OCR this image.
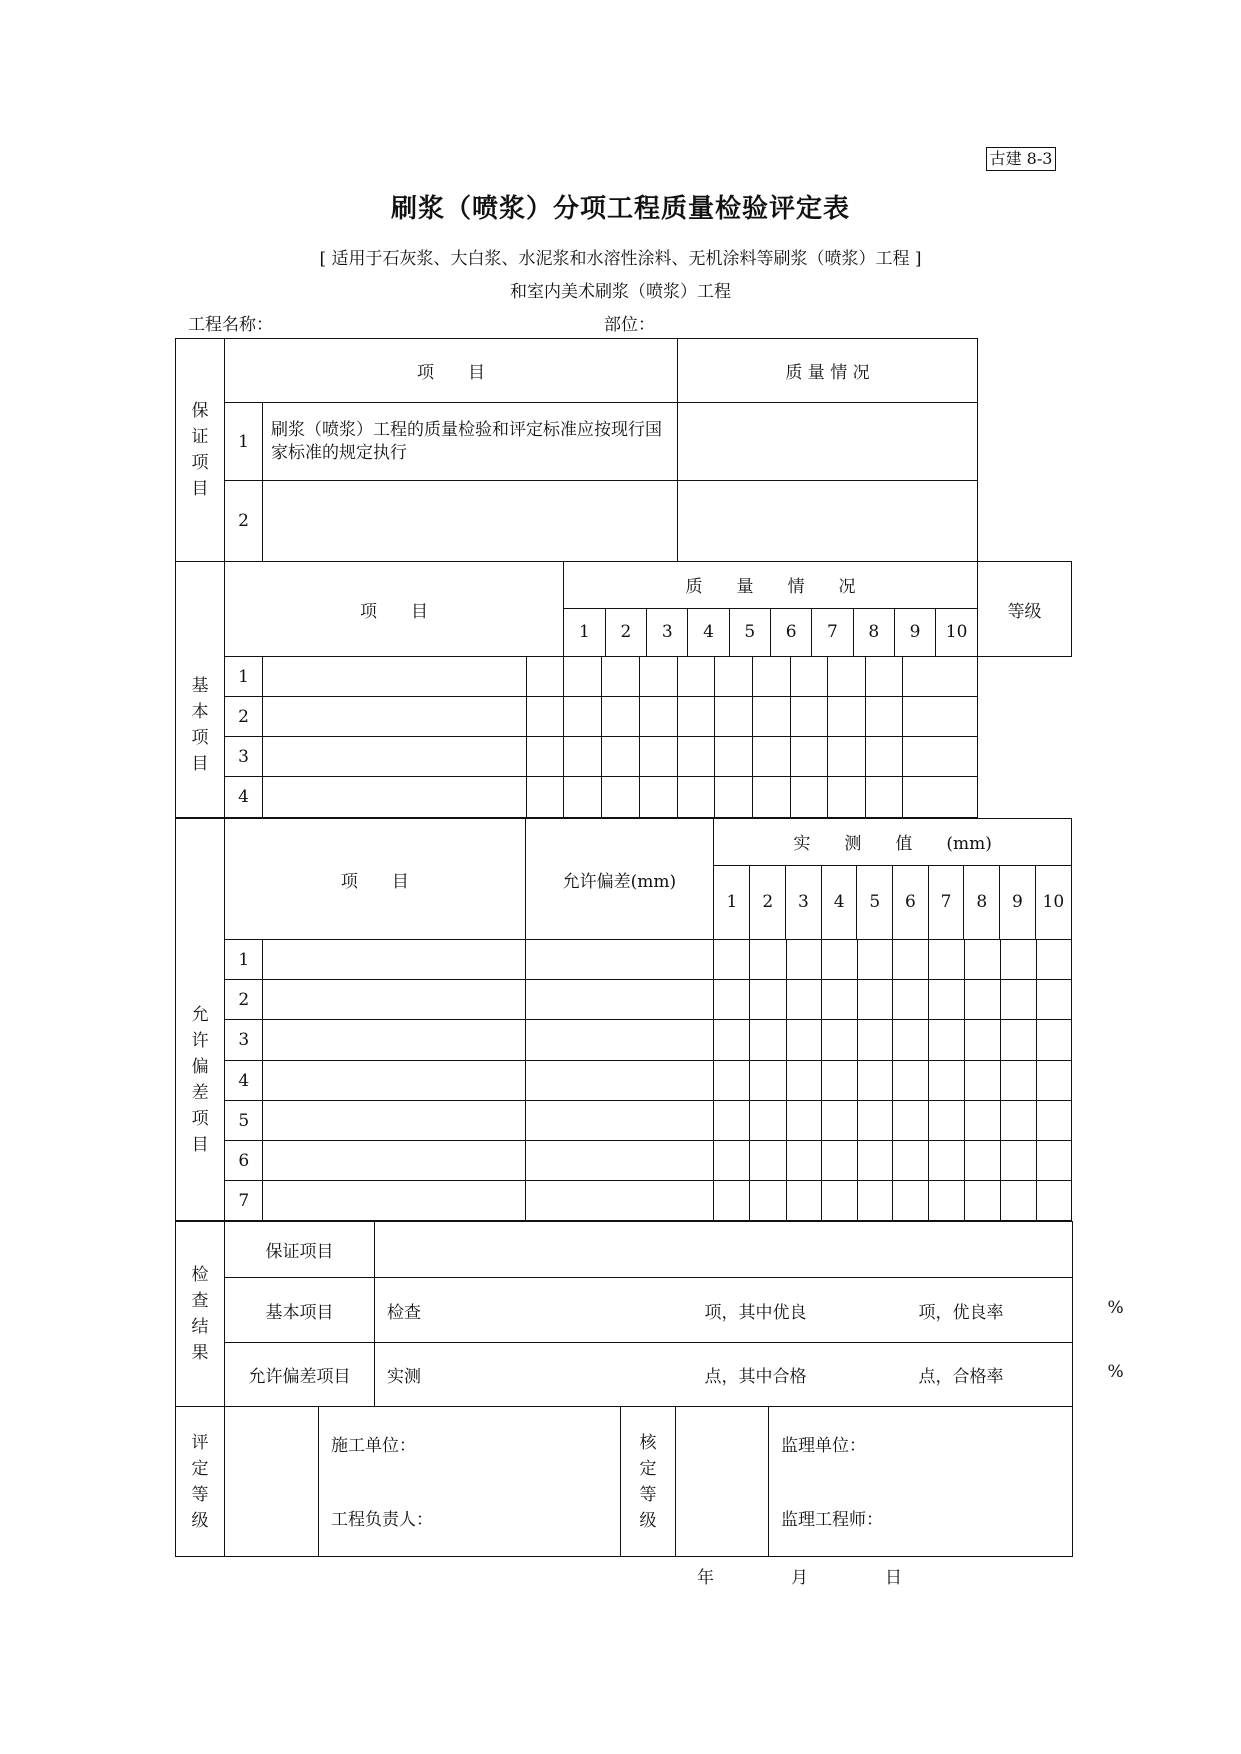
古建 8-3
刷浆（喷浆）分项工程质量检验评定表
[ 适用于石灰浆、大白浆、水泥浆和水溶性涂料、无机涂料等刷浆（喷浆）工程 ]
和室内美术刷浆（喷浆）工程
工程名称：	部位：
保证项目
	项　　目	质 量 情 况
1	刷浆（喷浆）工程的质量检验和评定标准应按现行国家标准的规定执行	
2		

基本项目

项　　目	
质　　量　　情　　况
1	2	3	4	5	6	7	8	9	10
	等级
1												
2												
3												
4												
允许偏差项目
	项　　目	允许偏差(mm)	
实　　测　　值　　(mm)
1	2	3	4	5	6	7	8	9	10

1												
2												
3												
4												
5												
6												
7												
检查结果	保证项目	
	基本项目	检查 项，其中优良 项，优良率 %

	允许偏差项目	实测 点，其中合格 点，合格率 %
评定等级

施工单位：
工程负责人：

核定等级

监理单位：
监理工程师：
年	月	日
